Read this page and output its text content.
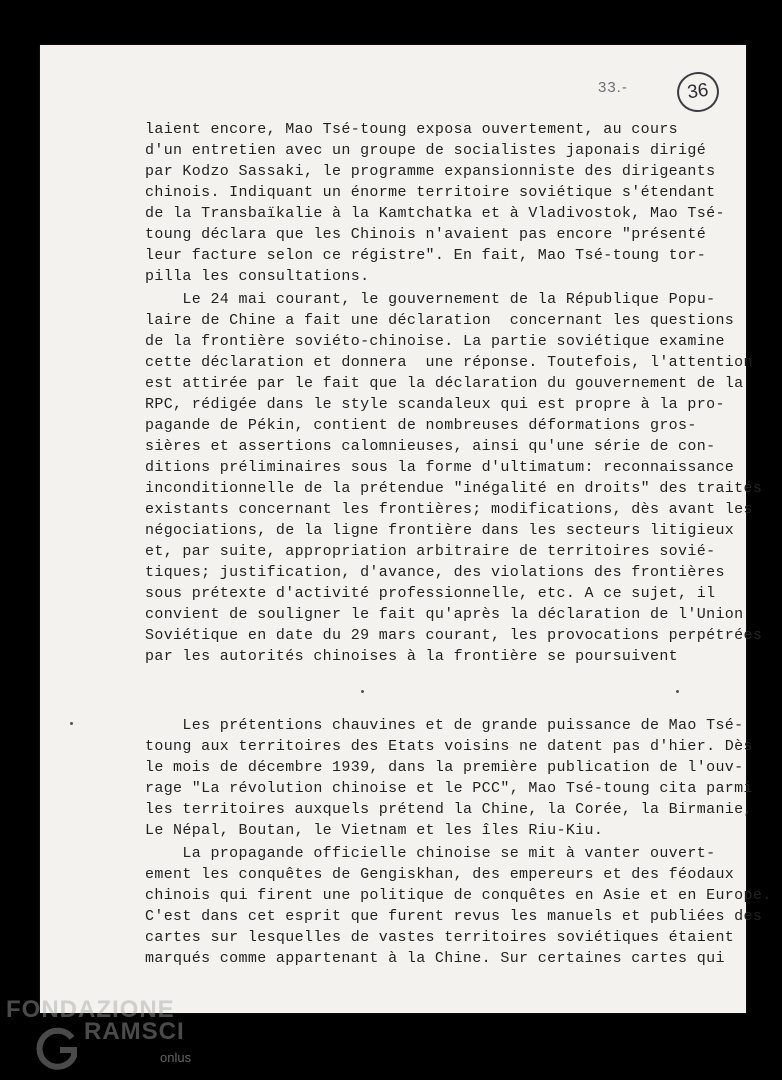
33.-	36
laient encore, Mao Tsé-toung exposa ouvertement, au cours
d'un entretien avec un groupe de socialistes japonais dirigé
par Kodzo Sassaki, le programme expansionniste des dirigeants
chinois. Indiquant un énorme territoire soviétique s'étendant
de la Transbaïkalie à la Kamtchatka et à Vladivostok, Mao Tsé-
toung déclara que les Chinois n'avaient pas encore "présenté
leur facture selon ce régistre". En fait, Mao Tsé-toung tor-
pilla les consultations.
Le 24 mai courant, le gouvernement de la République Popu-
laire de Chine a fait une déclaration  concernant les questions
de la frontière soviéto-chinoise. La partie soviétique examine
cette déclaration et donnera  une réponse. Toutefois, l'attention
est attirée par le fait que la déclaration du gouvernement de la
RPC, rédigée dans le style scandaleux qui est propre à la pro-
pagande de Pékin, contient de nombreuses déformations gros-
sières et assertions calomnieuses, ainsi qu'une série de con-
ditions préliminaires sous la forme d'ultimatum: reconnaissance
inconditionnelle de la prétendue "inégalité en droits" des traités
existants concernant les frontières; modifications, dès avant les
négociations, de la ligne frontière dans les secteurs litigieux
et, par suite, appropriation arbitraire de territoires sovié-
tiques; justification, d'avance, des violations des frontières
sous prétexte d'activité professionnelle, etc. A ce sujet, il
convient de souligner le fait qu'après la déclaration de l'Union
Soviétique en date du 29 mars courant, les provocations perpétrées
par les autorités chinoises à la frontière se poursuivent
Les prétentions chauvines et de grande puissance de Mao Tsé-
toung aux territoires des Etats voisins ne datent pas d'hier. Dès
le mois de décembre 1939, dans la première publication de l'ouv-
rage "La révolution chinoise et le PCC", Mao Tsé-toung cita parmi
les territoires auxquels prétend la Chine, la Corée, la Birmanie,
Le Népal, Boutan, le Vietnam et les îles Riu-Kiu.
La propagande officielle chinoise se mit à vanter ouvert-
ement les conquêtes de Gengiskhan, des empereurs et des féodaux
chinois qui firent une politique de conquêtes en Asie et en Europe.
C'est dans cet esprit que furent revus les manuels et publiées des
cartes sur lesquelles de vastes territoires soviétiques étaient
marqués comme appartenant à la Chine. Sur certaines cartes qui
FONDAZIONE
RAMSCI
onlus
